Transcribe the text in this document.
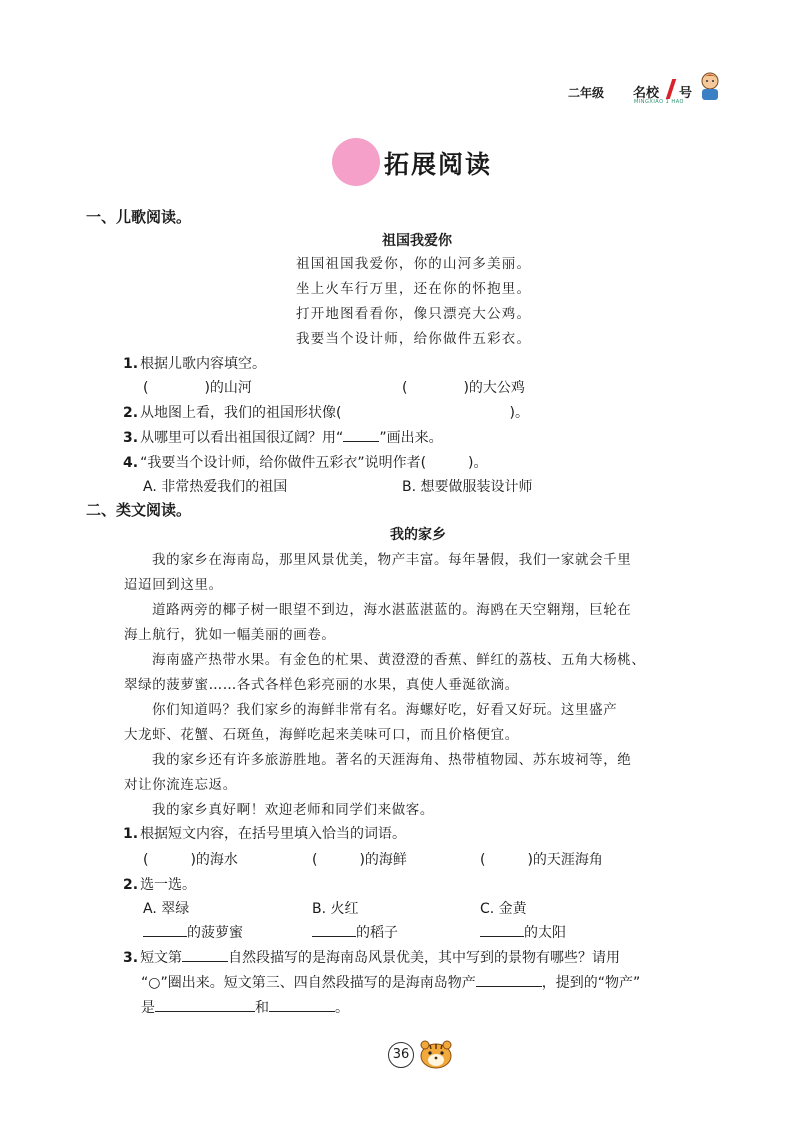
二年级 名校 号
MINGXIAO 1 HAO
拓展阅读
一、儿歌阅读。
祖国我爱你
祖国祖国我爱你，你的山河多美丽。
坐上火车行万里，还在你的怀抱里。
打开地图看看你，像只漂亮大公鸡。
我要当个设计师，给你做件五彩衣。
1. 根据儿歌内容填空。
(　　　　)的山河	(　　　　)的大公鸡
2. 从地图上看，我们的祖国形状像(	)。
3. 从哪里可以看出祖国很辽阔？用“	”画出来。
4. “我要当个设计师，给你做件五彩衣”说明作者(　　　)。
A. 非常热爱我们的祖国	B. 想要做服装设计师
二、类文阅读。
我的家乡
我的家乡在海南岛，那里风景优美，物产丰富。每年暑假，我们一家就会千里
迢迢回到这里。
道路两旁的椰子树一眼望不到边，海水湛蓝湛蓝的。海鸥在天空翱翔，巨轮在
海上航行，犹如一幅美丽的画卷。
海南盛产热带水果。有金色的杧果、黄澄澄的香蕉、鲜红的荔枝、五角大杨桃、
翠绿的菠萝蜜……各式各样色彩亮丽的水果，真使人垂涎欲滴。
你们知道吗？我们家乡的海鲜非常有名。海螺好吃，好看又好玩。这里盛产
大龙虾、花蟹、石斑鱼，海鲜吃起来美味可口，而且价格便宜。
我的家乡还有许多旅游胜地。著名的天涯海角、热带植物园、苏东坡祠等，绝
对让你流连忘返。
我的家乡真好啊！欢迎老师和同学们来做客。
1. 根据短文内容，在括号里填入恰当的词语。
(　　　)的海水	(　　　)的海鲜	(　　　)的天涯海角
2. 选一选。
A. 翠绿	B. 火红	C. 金黄
的菠萝蜜	的稻子	的太阳
3. 短文第	自然段描写的是海南岛风景优美，其中写到的景物有哪些？请用
“○”圈出来。短文第三、四自然段描写的是海南岛物产	，提到的“物产”
是	和	。
36
